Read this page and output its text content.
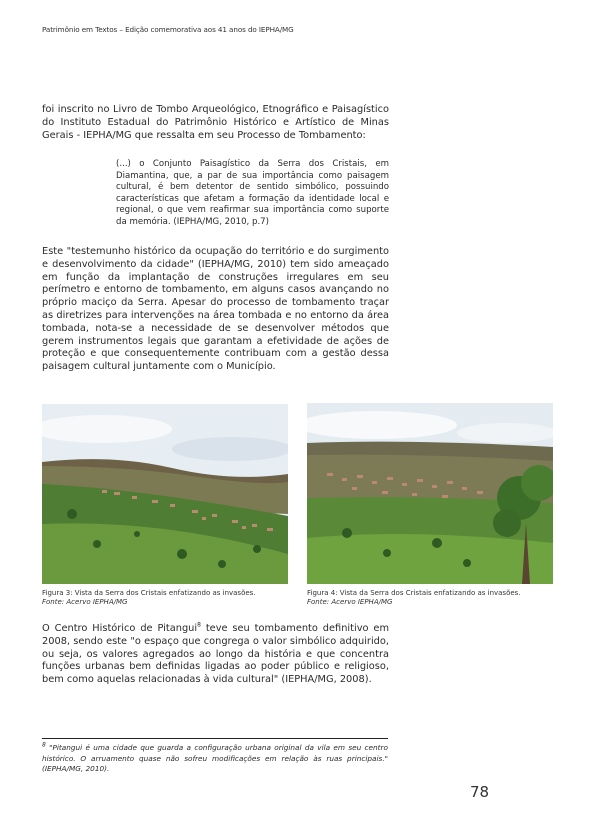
Patrimônio em Textos – Edição comemorativa aos 41 anos do IEPHA/MG

foi inscrito no Livro de Tombo Arqueológico, Etnográfico e Paisagístico do Instituto Estadual do Patrimônio Histórico e Artístico de Minas Gerais - IEPHA/MG que ressalta em seu Processo de Tombamento:

(...) o Conjunto Paisagístico da Serra dos Cristais, em Diamantina, que, a par de sua importância como paisagem cultural, é bem detentor de sentido simbólico, possuindo características que afetam a formação da identidade local e regional, o que vem reafirmar sua importância como suporte da memória. (IEPHA/MG, 2010, p.7)

Este "testemunho histórico da ocupação do território e do surgimento e desenvolvimento da cidade" (IEPHA/MG, 2010) tem sido ameaçado em função da implantação de construções irregulares em seu perímetro e entorno de tombamento, em alguns casos avançando no próprio maciço da Serra. Apesar do processo de tombamento traçar as diretrizes para intervenções na área tombada e no entorno da área tombada, nota-se a necessidade de se desenvolver métodos que gerem instrumentos legais que garantam a efetividade de ações de proteção e que consequentemente contribuam com a gestão dessa paisagem cultural juntamente com o Município.

Figura 3: Vista da Serra dos Cristais enfatizando as invasões.
Fonte: Acervo IEPHA/MG
Figura 4: Vista da Serra dos Cristais enfatizando as invasões.
Fonte: Acervo IEPHA/MG

O Centro Histórico de Pitangui$^8$ teve seu tombamento definitivo em 2008, sendo este "o espaço que congrega o valor simbólico adquirido, ou seja, os valores agregados ao longo da história e que concentra funções urbanas bem definidas ligadas ao poder público e religioso, bem como aquelas relacionadas à vida cultural" (IEPHA/MG, 2008).

$^8$ "Pitangui é uma cidade que guarda a configuração urbana original da vila em seu centro histórico. O arruamento quase não sofreu modificações em relação às ruas principais." (IEPHA/MG, 2010).

78
